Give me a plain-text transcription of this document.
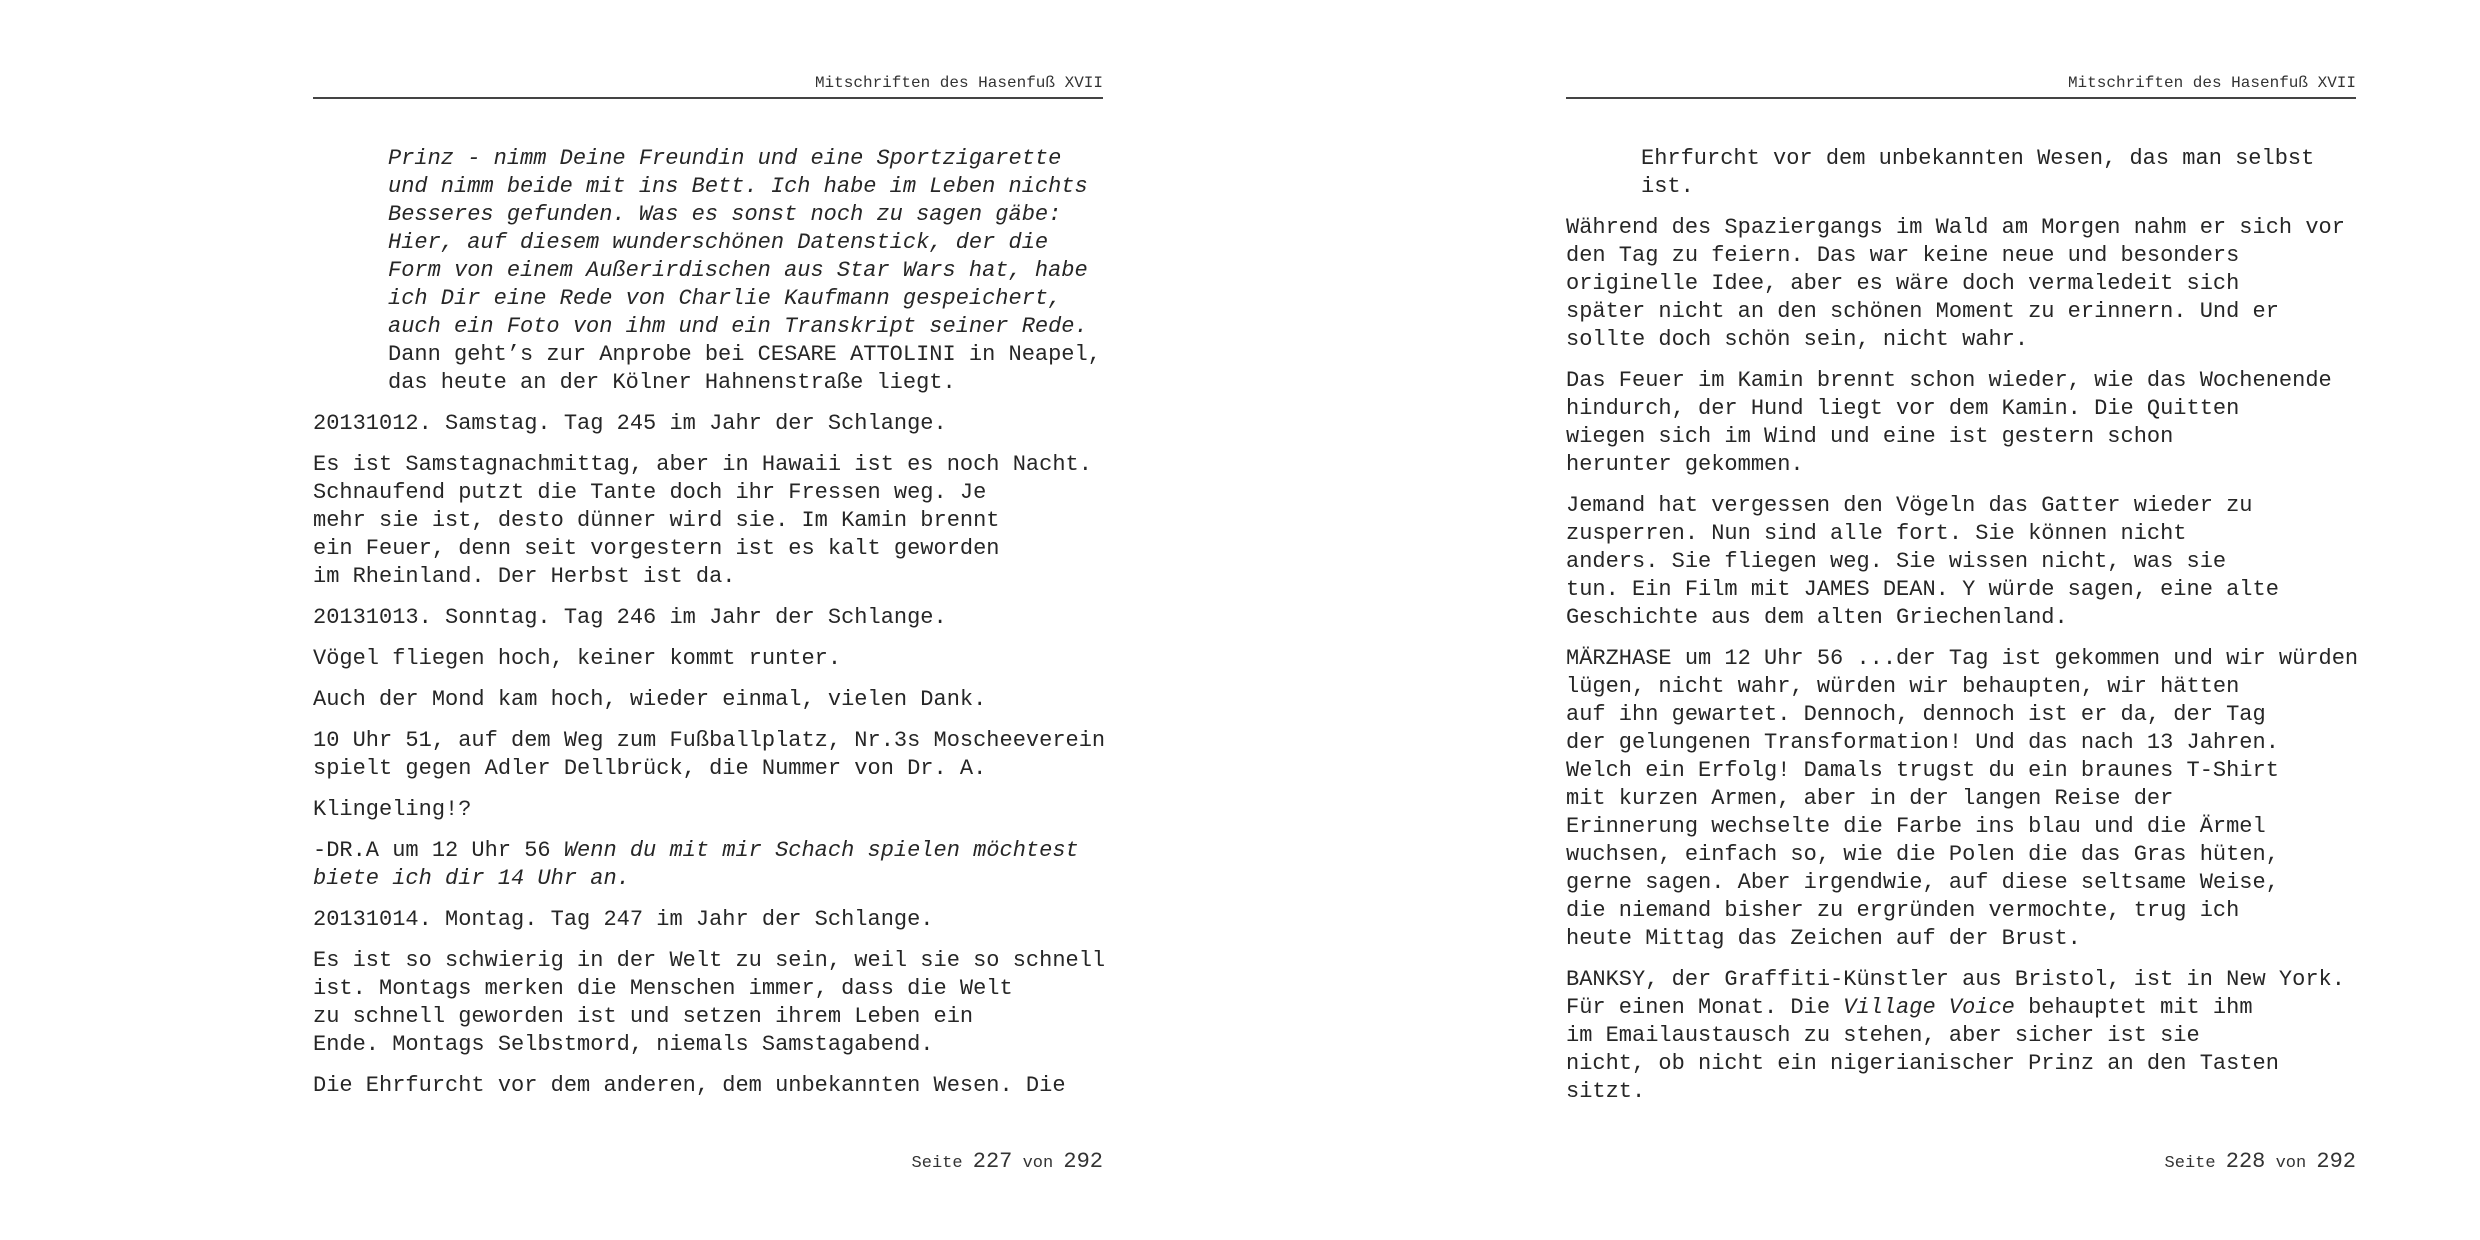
Mitschriften des Hasenfuß XVII

Prinz - nimm Deine Freundin und eine Sportzigarette
und nimm beide mit ins Bett. Ich habe im Leben nichts
Besseres gefunden. Was es sonst noch zu sagen gäbe:
Hier, auf diesem wunderschönen Datenstick, der die
Form von einem Außerirdischen aus Star Wars hat, habe
ich Dir eine Rede von Charlie Kaufmann gespeichert,
auch ein Foto von ihm und ein Transkript seiner Rede.
Dann geht’s zur Anprobe bei CESARE ATTOLINI in Neapel,
das heute an der Kölner Hahnenstraße liegt.

20131012. Samstag. Tag 245 im Jahr der Schlange.

Es ist Samstagnachmittag, aber in Hawaii ist es noch Nacht.
Schnaufend putzt die Tante doch ihr Fressen weg. Je
mehr sie ist, desto dünner wird sie. Im Kamin brennt
ein Feuer, denn seit vorgestern ist es kalt geworden
im Rheinland. Der Herbst ist da.

20131013. Sonntag. Tag 246 im Jahr der Schlange.

Vögel fliegen hoch, keiner kommt runter.

Auch der Mond kam hoch, wieder einmal, vielen Dank.

10 Uhr 51, auf dem Weg zum Fußballplatz, Nr.3s Moscheeverein
spielt gegen Adler Dellbrück, die Nummer von Dr. A.

Klingeling!?

-DR.A um 12 Uhr 56 Wenn du mit mir Schach spielen möchtest
biete ich dir 14 Uhr an.

20131014. Montag. Tag 247 im Jahr der Schlange.

Es ist so schwierig in der Welt zu sein, weil sie so schnell
ist. Montags merken die Menschen immer, dass die Welt
zu schnell geworden ist und setzen ihrem Leben ein
Ende. Montags Selbstmord, niemals Samstagabend.

Die Ehrfurcht vor dem anderen, dem unbekannten Wesen. Die

Seite 227 von 292
Mitschriften des Hasenfuß XVII

Ehrfurcht vor dem unbekannten Wesen, das man selbst
ist.

Während des Spaziergangs im Wald am Morgen nahm er sich vor
den Tag zu feiern. Das war keine neue und besonders
originelle Idee, aber es wäre doch vermaledeit sich
später nicht an den schönen Moment zu erinnern. Und er
sollte doch schön sein, nicht wahr.

Das Feuer im Kamin brennt schon wieder, wie das Wochenende
hindurch, der Hund liegt vor dem Kamin. Die Quitten
wiegen sich im Wind und eine ist gestern schon
herunter gekommen.

Jemand hat vergessen den Vögeln das Gatter wieder zu
zusperren. Nun sind alle fort. Sie können nicht
anders. Sie fliegen weg. Sie wissen nicht, was sie
tun. Ein Film mit JAMES DEAN. Y würde sagen, eine alte
Geschichte aus dem alten Griechenland.

MÄRZHASE um 12 Uhr 56 ...der Tag ist gekommen und wir würden
lügen, nicht wahr, würden wir behaupten, wir hätten
auf ihn gewartet. Dennoch, dennoch ist er da, der Tag
der gelungenen Transformation! Und das nach 13 Jahren.
Welch ein Erfolg! Damals trugst du ein braunes T-Shirt
mit kurzen Armen, aber in der langen Reise der
Erinnerung wechselte die Farbe ins blau und die Ärmel
wuchsen, einfach so, wie die Polen die das Gras hüten,
gerne sagen. Aber irgendwie, auf diese seltsame Weise,
die niemand bisher zu ergründen vermochte, trug ich
heute Mittag das Zeichen auf der Brust.

BANKSY, der Graffiti-Künstler aus Bristol, ist in New York.
Für einen Monat. Die Village Voice behauptet mit ihm
im Emailaustausch zu stehen, aber sicher ist sie
nicht, ob nicht ein nigerianischer Prinz an den Tasten
sitzt.

Seite 228 von 292
